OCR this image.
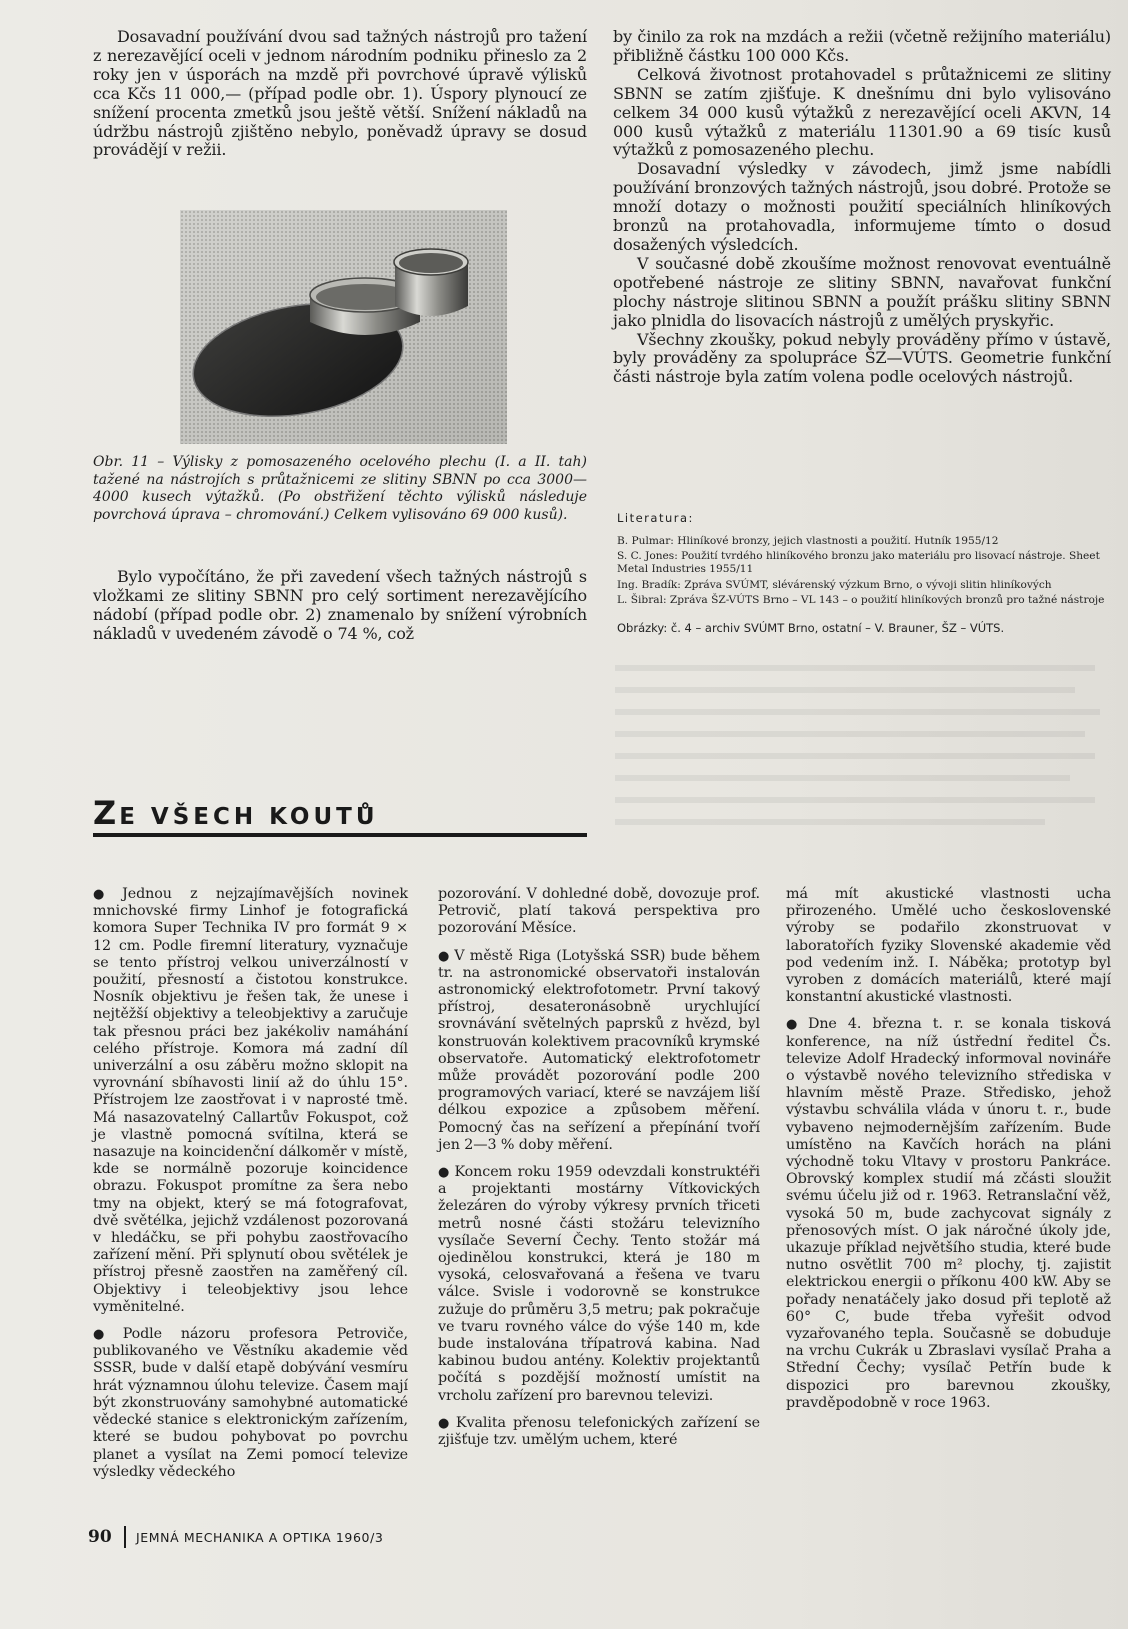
Dosavadní používání dvou sad tažných nástrojů pro tažení z nerezavějící oceli v jednom národním podniku přineslo za 2 roky jen v úsporách na mzdě při povrchové úpravě výlisků cca Kčs 11 000,— (případ podle obr. 1). Úspory plynoucí ze snížení procenta zmetků jsou ještě větší. Snížení nákladů na údržbu nástrojů zjištěno nebylo, poněvadž úpravy se dosud provádějí v režii.

Obr. 11 – Výlisky z pomosazeného ocelového plechu (I. a II. tah) tažené na nástrojích s průtažnicemi ze slitiny SBNN po cca 3000—4000 kusech výtažků. (Po obstřižení těchto výlisků následuje povrchová úprava – chromování.) Celkem vylisováno 69 000 kusů).

Bylo vypočítáno, že při zavedení všech tažných nástrojů s vložkami ze slitiny SBNN pro celý sortiment nerezavějícího nádobí (případ podle obr. 2) znamenalo by snížení výrobních nákladů v uvedeném závodě o 74 %, což

by činilo za rok na mzdách a režii (včetně režijního materiálu) přibližně částku 100 000 Kčs.

Celková životnost protahovadel s průtažnicemi ze slitiny SBNN se zatím zjišťuje. K dnešnímu dni bylo vylisováno celkem 34 000 kusů výtažků z nerezavějící oceli AKVN, 14 000 kusů výtažků z materiálu 11301.90 a 69 tisíc kusů výtažků z pomosazeného plechu.

Dosavadní výsledky v závodech, jimž jsme nabídli používání bronzových tažných nástrojů, jsou dobré. Protože se množí dotazy o možnosti použití speciálních hliníkových bronzů na protahovadla, informujeme tímto o dosud dosažených výsledcích.

V současné době zkoušíme možnost renovovat eventuálně opotřebené nástroje ze slitiny SBNN, navařovat funkční plochy nástroje slitinou SBNN a použít prášku slitiny SBNN jako plnidla do lisovacích nástrojů z umělých pryskyřic.

Všechny zkoušky, pokud nebyly prováděny přímo v ústavě, byly prováděny za spolupráce ŠZ—VÚTS. Geometrie funkční části nástroje byla zatím volena podle ocelových nástrojů.

Literatura:
B. Pulmar: Hliníkové bronzy, jejich vlastnosti a použití. Hutník 1955/12
S. C. Jones: Použití tvrdého hliníkového bronzu jako materiálu pro lisovací nástroje. Sheet Metal Industries 1955/11
Ing. Bradík: Zpráva SVÚMT, slévárenský výzkum Brno, o vývoji slitin hliníkových
L. Šibral: Zpráva ŠZ-VÚTS Brno – VL 143 – o použití hliníkových bronzů pro tažné nástroje
Obrázky: č. 4 – archiv SVÚMT Brno, ostatní – V. Brauner, ŠZ – VÚTS.
ZE VŠECH KOUTŮ

● Jednou z nejzajímavějších novinek mnichovské firmy Linhof je fotografická komora Super Technika IV pro formát 9 × 12 cm. Podle firemní literatury, vyznačuje se tento přístroj velkou univerzálností v použití, přesností a čistotou konstrukce. Nosník objektivu je řešen tak, že unese i nejtěžší objektivy a teleobjektivy a zaručuje tak přesnou práci bez jakékoliv namáhání celého přístroje. Komora má zadní díl univerzální a osu záběru možno sklopit na vyrovnání sbíhavosti linií až do úhlu 15°. Přístrojem lze zaostřovat i v naprosté tmě. Má nasazovatelný Callartův Fokuspot, což je vlastně pomocná svítilna, která se nasazuje na koincidenční dálkoměr v místě, kde se normálně pozoruje koincidence obrazu. Fokuspot promítne za šera nebo tmy na objekt, který se má fotografovat, dvě světélka, jejichž vzdálenost pozorovaná v hledáčku, se při pohybu zaostřovacího zařízení mění. Při splynutí obou světélek je přístroj přesně zaostřen na zaměřený cíl. Objektivy i teleobjektivy jsou lehce vyměnitelné.

● Podle názoru profesora Petroviče, publikovaného ve Věstníku akademie věd SSSR, bude v další etapě dobývání vesmíru hrát významnou úlohu televize. Časem mají být zkonstruovány samohybné automatické vědecké stanice s elektronickým zařízením, které se budou pohybovat po povrchu planet a vysílat na Zemi pomocí televize výsledky vědeckého

pozorování. V dohledné době, dovozuje prof. Petrovič, platí taková perspektiva pro pozorování Měsíce.

● V městě Riga (Lotyšská SSR) bude během tr. na astronomické observatoři instalován astronomický elektrofotometr. První takový přístroj, desateronásobně urychlující srovnávání světelných paprsků z hvězd, byl konstruován kolektivem pracovníků krymské observatoře. Automatický elektrofotometr může provádět pozorování podle 200 programových variací, které se navzájem liší délkou expozice a způsobem měření. Pomocný čas na seřízení a přepínání tvoří jen 2—3 % doby měření.

● Koncem roku 1959 odevzdali konstruktéři a projektanti mostárny Vítkovických železáren do výroby výkresy prvních třiceti metrů nosné části stožáru televizního vysílače Severní Čechy. Tento stožár má ojedinělou konstrukci, která je 180 m vysoká, celosvařovaná a řešena ve tvaru válce. Svisle i vodorovně se konstrukce zužuje do průměru 3,5 metru; pak pokračuje ve tvaru rovného válce do výše 140 m, kde bude instalována třípatrová kabina. Nad kabinou budou antény. Kolektiv projektantů počítá s pozdější možností umístit na vrcholu zařízení pro barevnou televizi.

● Kvalita přenosu telefonických zařízení se zjišťuje tzv. umělým uchem, které

má mít akustické vlastnosti ucha přirozeného. Umělé ucho československé výroby se podařilo zkonstruovat v laboratořích fyziky Slovenské akademie věd pod vedením inž. I. Náběka; prototyp byl vyroben z domácích materiálů, které mají konstantní akustické vlastnosti.

● Dne 4. března t. r. se konala tisková konference, na níž ústřední ředitel Čs. televize Adolf Hradecký informoval novináře o výstavbě nového televizního střediska v hlavním městě Praze. Středisko, jehož výstavbu schválila vláda v únoru t. r., bude vybaveno nejmodernějším zařízením. Bude umístěno na Kavčích horách na pláni východně toku Vltavy v prostoru Pankráce. Obrovský komplex studií má zčásti sloužit svému účelu již od r. 1963. Retranslační věž, vysoká 50 m, bude zachycovat signály z přenosových míst. O jak náročné úkoly jde, ukazuje příklad největšího studia, které bude nutno osvětlit 700 m² plochy, tj. zajistit elektrickou energii o příkonu 400 kW. Aby se pořady nenatáčely jako dosud při teplotě až 60° C, bude třeba vyřešit odvod vyzařovaného tepla. Současně se dobuduje na vrchu Cukrák u Zbraslavi vysílač Praha a Střední Čechy; vysílač Petřín bude k dispozici pro barevnou zkoušky, pravděpodobně v roce 1963.

90 JEMNÁ MECHANIKA A OPTIKA 1960/3
